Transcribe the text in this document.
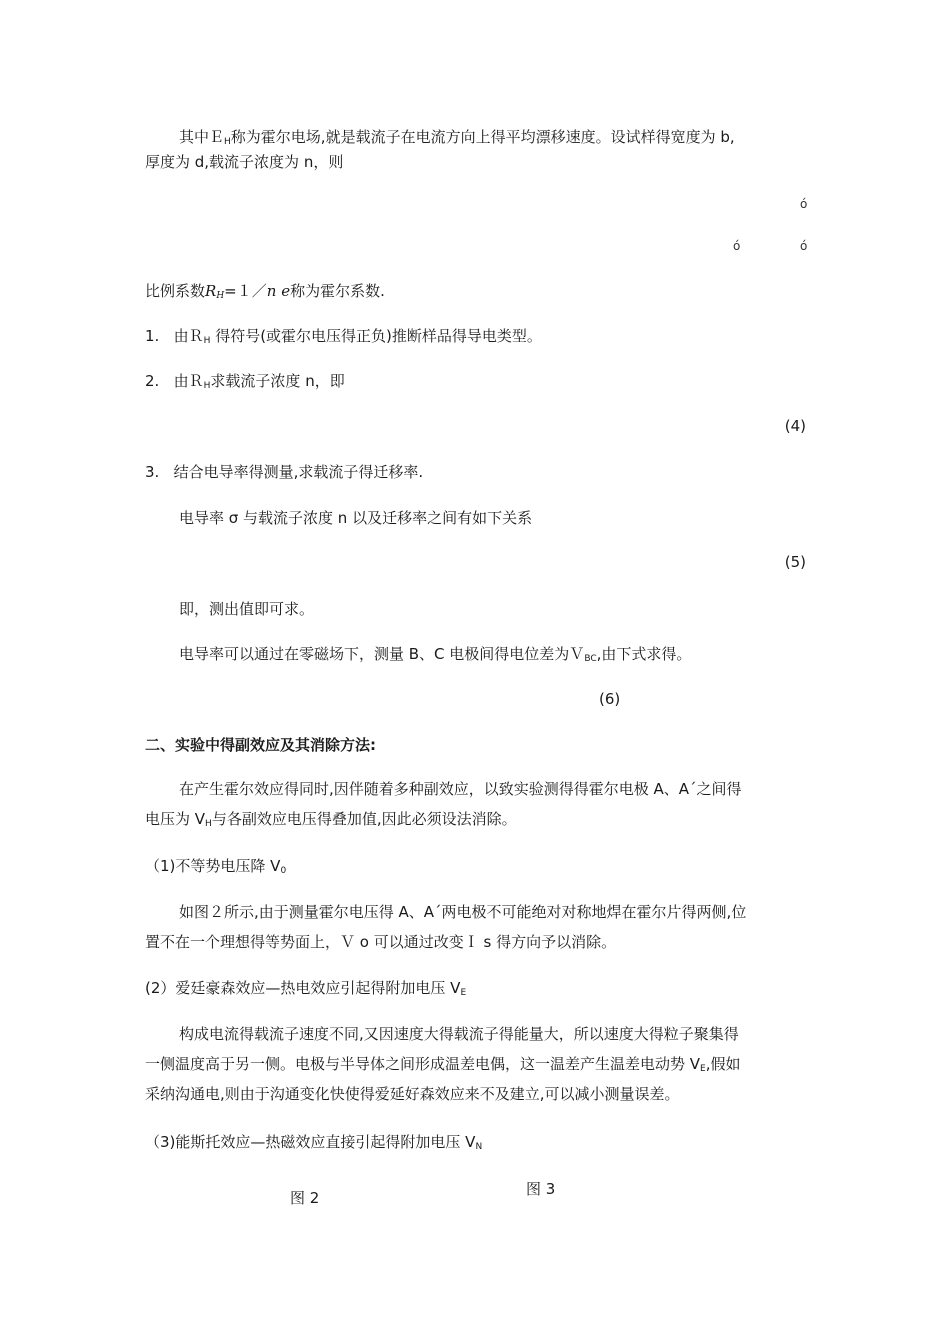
其中Ｅ$_H$称为霍尔电场,就是载流子在电流方向上得平均漂移速度。设试样得宽度为 b,
厚度为 d,载流子浓度为 n，则
ó
ó	ó
比例系数$R_H=1/n$ e称为霍尔系数.
1. 由Ｒ$_H$ 得符号(或霍尔电压得正负)推断样品得导电类型。
2. 由Ｒ$_H$求载流子浓度 n，即
(4)
3. 结合电导率得测量,求载流子得迁移率.
电导率 σ 与载流子浓度 n 以及迁移率之间有如下关系
(5)
即，测出值即可求。
电导率可以通过在零磁场下，测量 B、C 电极间得电位差为Ｖ$_{BC}$,由下式求得。
(6)
二、实验中得副效应及其消除方法:
在产生霍尔效应得同时,因伴随着多种副效应，以致实验测得得霍尔电极 A、A´之间得
电压为 $V_H$与各副效应电压得叠加值,因此必须设法消除。
（1)不等势电压降 $V_0$
如图２所示,由于测量霍尔电压得 A、A´两电极不可能绝对对称地焊在霍尔片得两侧,位
置不在一个理想得等势面上，Ｖ o 可以通过改变Ｉ s 得方向予以消除。
(2）爱廷豪森效应—热电效应引起得附加电压 $V_E$
构成电流得载流子速度不同,又因速度大得载流子得能量大，所以速度大得粒子聚集得
一侧温度高于另一侧。电极与半导体之间形成温差电偶，这一温差产生温差电动势 $V_E$,假如
采纳沟通电,则由于沟通变化快使得爱延好森效应来不及建立,可以减小测量误差。
（3)能斯托效应—热磁效应直接引起得附加电压 $V_N$
图 2	图 3
